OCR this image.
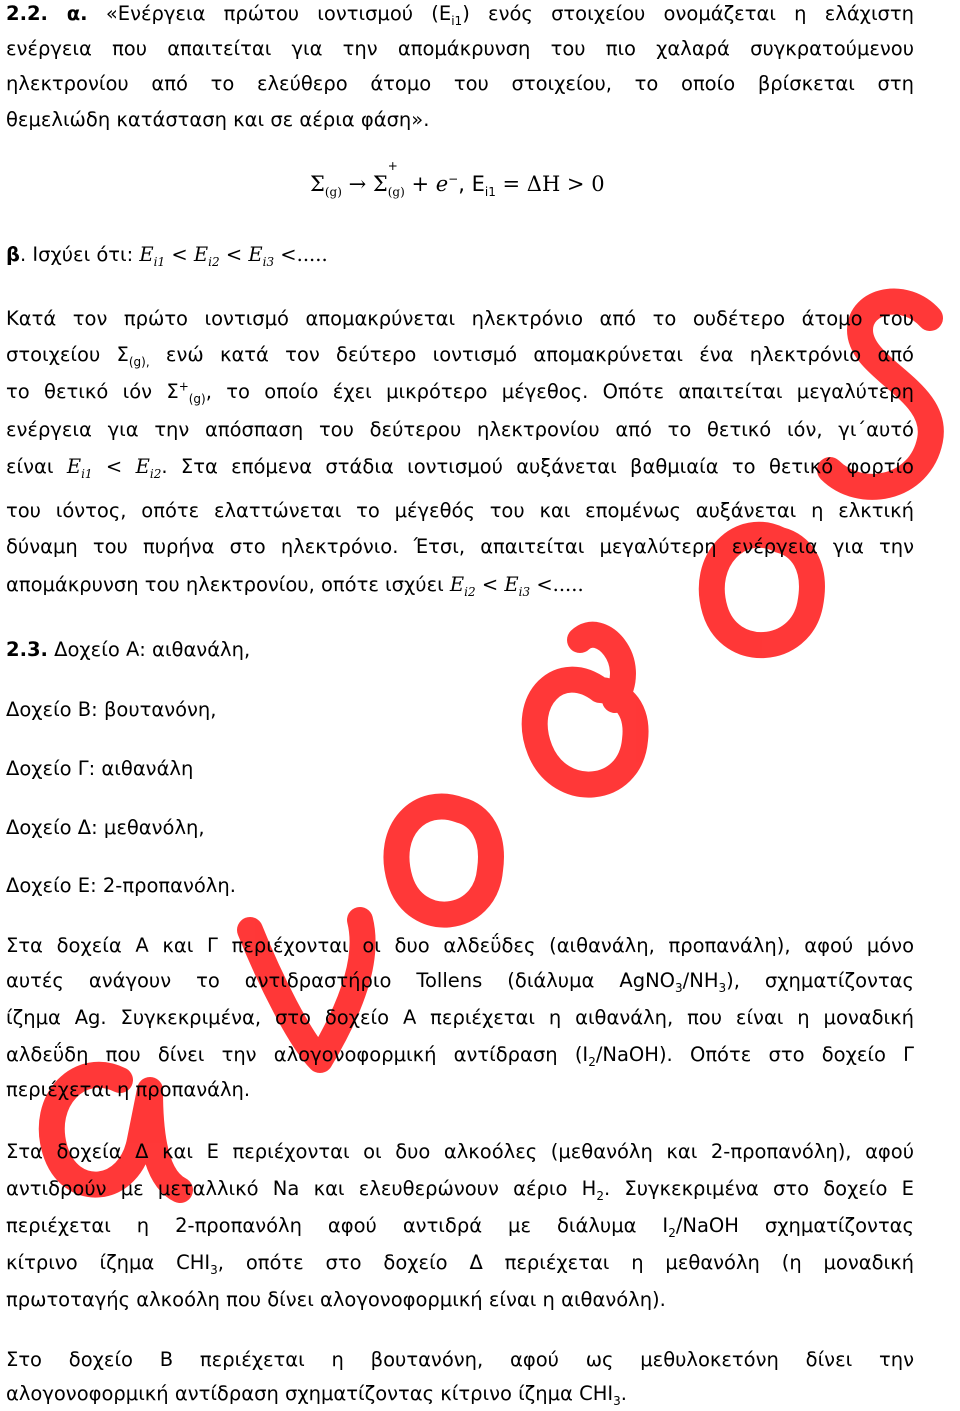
2.2. α. «Ενέργεια πρώτου ιοντισμού $(E_{i1})$ ενός στοιχείου ονομάζεται η ελάχιστη
ενέργεια που απαιτείται για την απομάκρυνση του πιο χαλαρά συγκρατούμενου
ηλεκτρονίου από το ελεύθερο άτομο του στοιχείου, το οποίο βρίσκεται στη
θεμελιώδη κατάσταση και σε αέρια φάση».
$\Sigma_{(g)} \to \Sigma$
+
$_{(g)}$ + e−, $E_{i1} = \Delta H > 0$
β. Ισχύει ότι: $E_{i1} < E_{i2} < E_{i3}$ <.....
Κατά τον πρώτο ιοντισμό απομακρύνεται ηλεκτρόνιο από το ουδέτερο άτομο του
στοιχείου $\Sigma_{(g),}$ ενώ κατά τον δεύτερο ιοντισμό απομακρύνεται ένα ηλεκτρόνιο από
το θετικό ιόν $\Sigma^+_{(g)}$, το οποίο έχει μικρότερο μέγεθος. Οπότε απαιτείται μεγαλύτερη
ενέργεια για την απόσπαση του δεύτερου ηλεκτρονίου από το θετικό ιόν, γι΄αυτό
είναι $E_{i1} < E_{i2}$. Στα επόμενα στάδια ιοντισμού αυξάνεται βαθμιαία το θετικό φορτίο
του ιόντος, οπότε ελαττώνεται το μέγεθός του και επομένως αυξάνεται η ελκτική
δύναμη του πυρήνα στο ηλεκτρόνιο. Έτσι, απαιτείται μεγαλύτερη ενέργεια για την
απομάκρυνση του ηλεκτρονίου, οπότε ισχύει $E_{i2} < E_{i3}$ <.....
2.3. Δοχείο Α: αιθανάλη,
Δοχείο Β: βουτανόνη,
Δοχείο Γ: αιθανάλη
Δοχείο Δ: μεθανόλη,
Δοχείο Ε: 2-προπανόλη.
Στα δοχεία Α και Γ περιέχονται οι δυο αλδεΰδες (αιθανάλη, προπανάλη), αφού μόνο
αυτές ανάγουν το αντιδραστήριο Tollens (διάλυμα $AgNO_3/NH_3$), σχηματίζοντας
ίζημα Ag. Συγκεκριμένα, στο δοχείο Α περιέχεται η αιθανάλη, που είναι η μοναδική
αλδεΰδη που δίνει την αλογονοφορμική αντίδραση $(I_2/NaOH)$. Οπότε στο δοχείο Γ
περιέχεται η προπανάλη.
Στα δοχεία Δ και Ε περιέχονται οι δυο αλκοόλες (μεθανόλη και 2-προπανόλη), αφού
αντιδρούν με μεταλλικό Na και ελευθερώνουν αέριο $H_2$. Συγκεκριμένα στο δοχείο Ε
περιέχεται η 2-προπανόλη αφού αντιδρά με διάλυμα $I_2$/NaOH σχηματίζοντας
κίτρινο ίζημα $CHI_3$, οπότε στο δοχείο Δ περιέχεται η μεθανόλη (η μοναδική
πρωτοταγής αλκοόλη που δίνει αλογονοφορμική είναι η αιθανόλη).
Στο δοχείο Β περιέχεται η βουτανόνη, αφού ως μεθυλοκετόνη δίνει την
αλογονοφορμική αντίδραση σχηματίζοντας κίτρινο ίζημα $CHI_3$.
